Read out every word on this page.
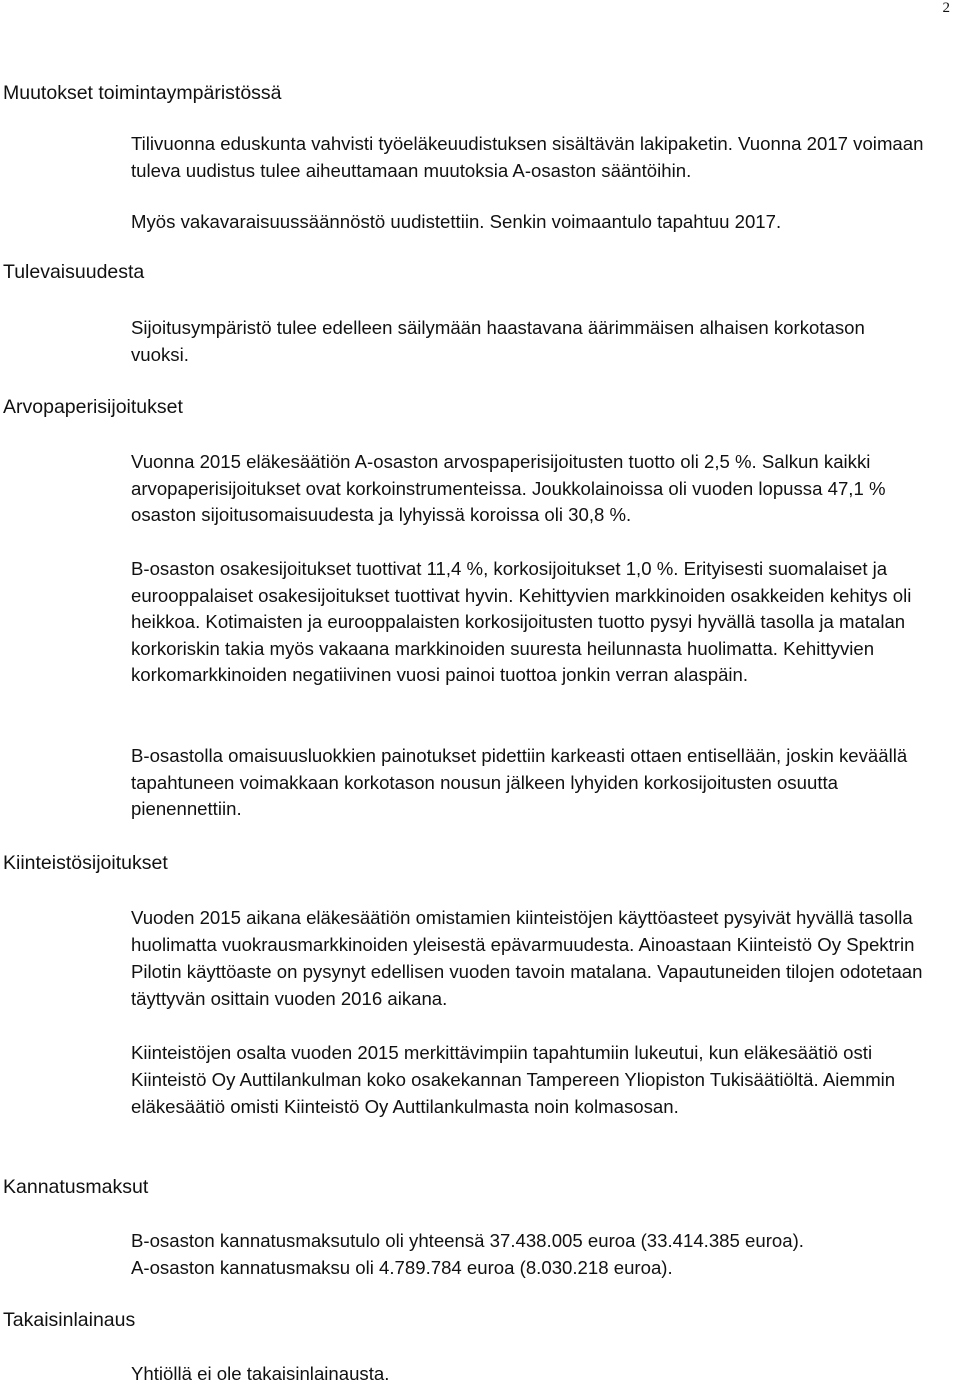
2
Muutokset toimintaympäristössä
Tulevaisuudesta
Arvopaperisijoitukset
Kiinteistösijoitukset
Kannatusmaksut
Takaisinlainaus

Tilivuonna eduskunta vahvisti työeläkeuudistuksen sisältävän lakipaketin. Vuonna 2017 voimaan tuleva uudistus tulee aiheuttamaan muutoksia A-osaston sääntöihin.

Myös vakavaraisuussäännöstö uudistettiin. Senkin voimaantulo tapahtuu 2017.

Sijoitusympäristö tulee edelleen säilymään haastavana äärimmäisen alhaisen korkotason vuoksi.

Vuonna 2015 eläkesäätiön A-osaston arvospaperisijoitusten tuotto oli 2,5 %. Salkun kaikki arvopaperisijoitukset ovat korkoinstrumenteissa. Joukkolainoissa oli vuoden lopussa 47,1 % osaston sijoitusomaisuudesta ja lyhyissä koroissa oli 30,8 %.

B-osaston osakesijoitukset tuottivat 11,4 %, korkosijoitukset 1,0 %. Erityisesti suomalaiset ja eurooppalaiset osakesijoitukset tuottivat hyvin. Kehittyvien markkinoiden osakkeiden kehitys oli heikkoa. Kotimaisten ja eurooppalaisten korkosijoitusten tuotto pysyi hyvällä tasolla ja matalan korkoriskin takia myös vakaana markkinoiden suuresta heilunnasta huolimatta. Kehittyvien korkomarkkinoiden negatiivinen vuosi painoi tuottoa jonkin verran alaspäin.

B-osastolla omaisuusluokkien painotukset pidettiin karkeasti ottaen entisellään, joskin keväällä tapahtuneen voimakkaan korkotason nousun jälkeen lyhyiden korkosijoitusten osuutta pienennettiin.

Vuoden 2015 aikana eläkesäätiön omistamien kiinteistöjen käyttöasteet pysyivät hyvällä tasolla huolimatta vuokrausmarkkinoiden yleisestä epävarmuudesta. Ainoastaan Kiinteistö Oy Spektrin Pilotin käyttöaste on pysynyt edellisen vuoden tavoin matalana. Vapautuneiden tilojen odotetaan täyttyvän osittain vuoden 2016 aikana.

Kiinteistöjen osalta vuoden 2015 merkittävimpiin tapahtumiin lukeutui, kun eläkesäätiö osti Kiinteistö Oy Auttilankulman koko osakekannan Tampereen Yliopiston Tukisäätiöltä. Aiemmin eläkesäätiö omisti Kiinteistö Oy Auttilankulmasta noin kolmasosan.

B-osaston kannatusmaksutulo oli yhteensä 37.438.005 euroa (33.414.385 euroa).

A-osaston kannatusmaksu oli 4.789.784 euroa (8.030.218 euroa).

Yhtiöllä ei ole takaisinlainausta.
